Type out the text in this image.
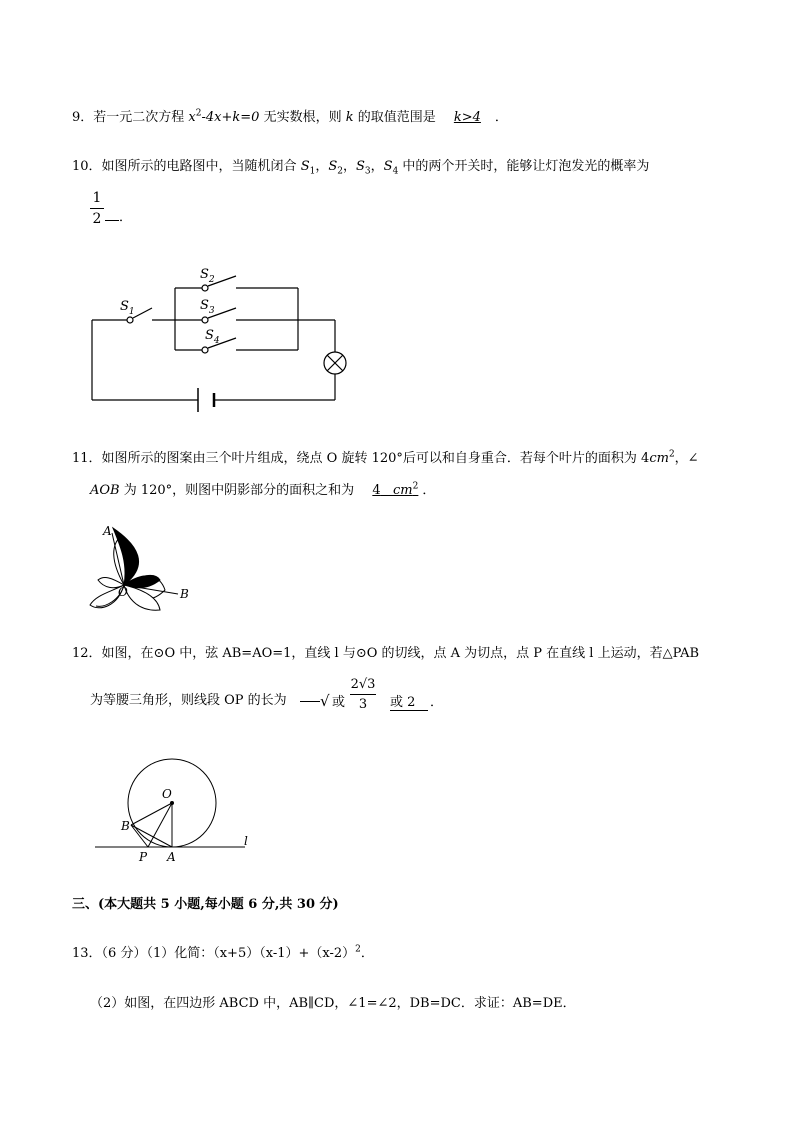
9．若一元二次方程 $x^2-4x+k=0$ 无实数根，则 k 的取值范围是 k>4 ．
10．如图所示的电路图中，当随机闭合 $S_1$，$S_2$，$S_3$，$S_4$ 中的两个开关时，能够让灯泡发光的概率为
1
2	．
$S_1$
$S_2$
$S_3$
$S_4$
11．如图所示的图案由三个叶片组成，绕点 O 旋转 120°后可以和自身重合．若每个叶片的面积为 $4cm^2$，∠
AOB 为 120°，则图中阴影部分的面积之和为 4 $cm^2$ ．
A
O	B
12．如图，在⊙O 中，弦 AB=AO=1，直线 l 与⊙O 的切线，点 A 为切点，点 P 在直线 l 上运动，若△PAB
为等腰三角形，则线段 OP 的长为 √ 或
2√3
3	或 2	．
O
B
P A
l
三、(本大题共 5 小题,每小题 6 分,共 30 分)
13．（6 分）（1）化简：$(x+5)(x-1)+(x-2)^2$．
（2）如图，在四边形 ABCD 中，AB∥CD，∠1=∠2，DB=DC．求证：AB=DE．
